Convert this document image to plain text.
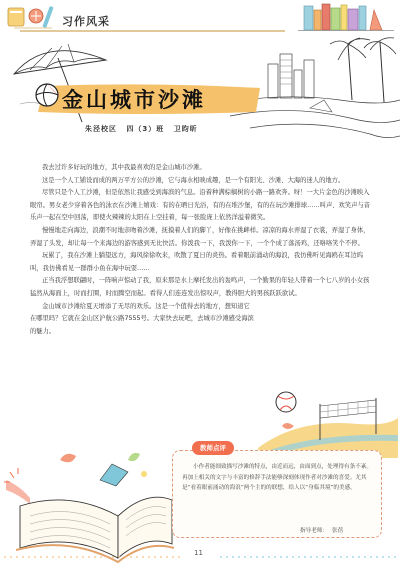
习作风采
金山城市沙滩
朱泾校区 四（3）班 卫昀昕

我去过许多好玩的地方，其中我最喜欢的是金山城市沙滩。

这是一个人工铺设而成的两万平方公的沙滩，它与海水相映成趣，是一个有阳光、沙滩、大海的迷人的地方。

尽管只是个人工沙滩，但是依然让我感受到海滨的气息。沿着种满棕榈树的小路一路欢奔。呀！一大片金色的沙滩映入眼帘。男女老少穿着各色的泳衣在沙滩上嬉戏：有的在晒日光浴，有的在堆沙堡，有的在玩沙滩排球……叫声、欢笑声与音乐声一起在空中回荡，即使火辣辣的太阳在上空挂着，每一张脸庞上依然洋溢着微笑。

慢慢地走向海边，浪潮不时地亲吻着沙滩，抚摸着人们的脚丫，好像在挑衅样。凉凉的海水弄湿了衣裳，弄湿了身体，弄湿了头发，却让每一个来海边的游客感到无比快活。你泼我一下，我泼你一下，一个个成了落汤鸡，还咯咯笑个不停。

玩累了，我在沙滩上躺望远方，海风徐徐吹来，吹散了夏日的炎热。看着眼前涌动的海浪，我仿佛听见海鸥在耳边呜叫，我仿佛看见一群群小鱼在海中玩耍……

正当我浮想联翩时，一阵响声惊动了我，原来那是水上摩托发出的轰鸣声，一个勤果的年轻人带着一个七八岁的小女孩猛然从海面上，时而打圈，时而腾空而起。看得人们连连发出惊叹声，教得胆大的男孩跃跃欲试。

金山城市沙滩给夏天增添了无尽的欢乐。这是一个值得去的地方，想知道它在哪里吗？它就在金山区沪航公路7555号。大家快去玩吧，去城市沙滩感受海滨的魅力。

教师点评
小作者能细致描写沙滩的特点，由近而远，由面到点，处理得有条不紊。再加上相关的文字与丰富的修辞手法能够深刻体现作者对沙滩的喜爱。尤其是“看着眼前涌动的海浪”两个主的的联想，给人以“身临其境”的美感。
指导老师： 张蓓
11
